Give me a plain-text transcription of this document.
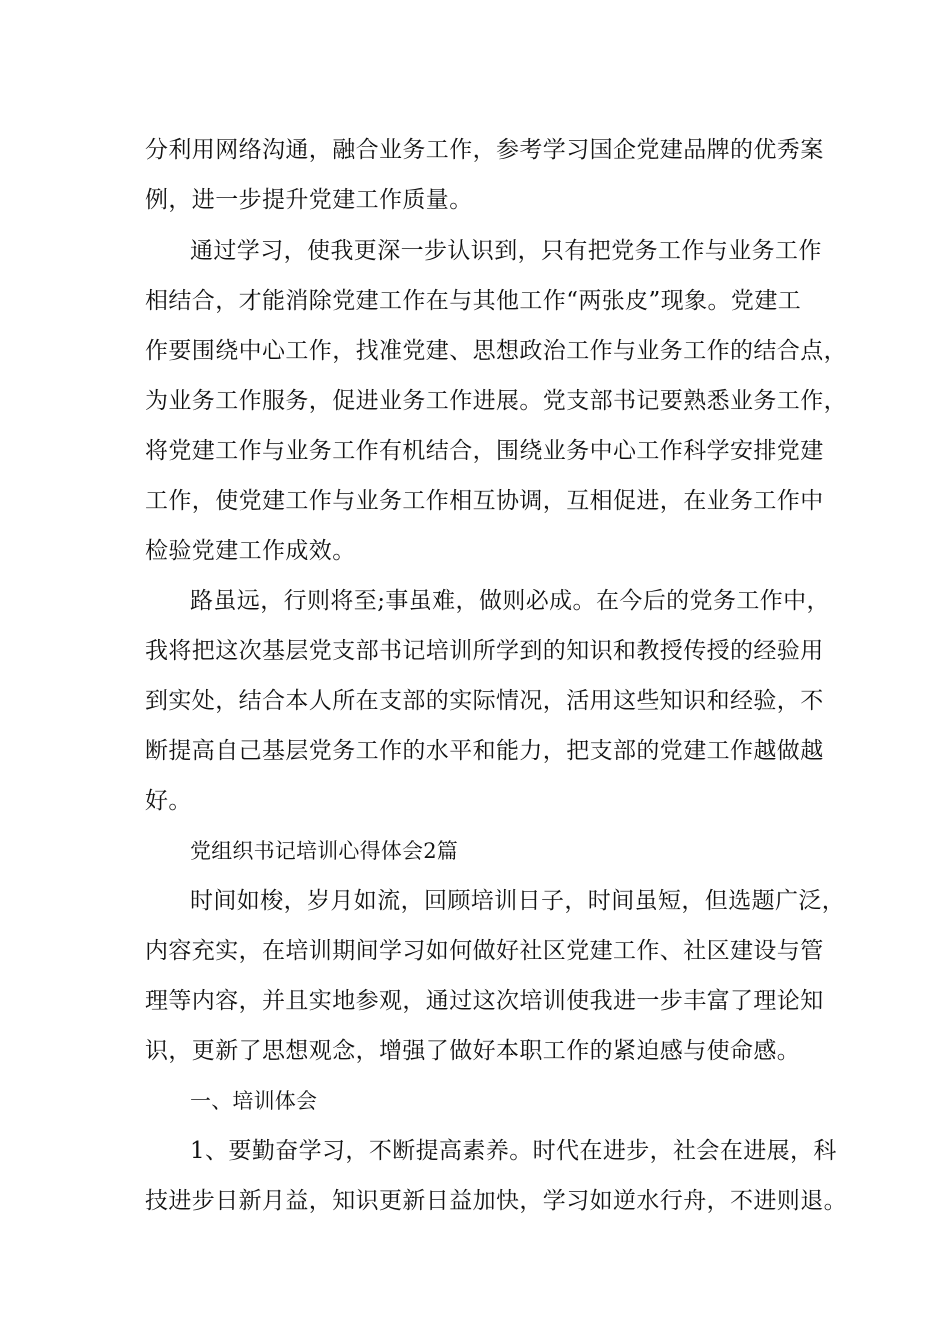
分利用网络沟通，融合业务工作，参考学习国企党建品牌的优秀案
例，进一步提升党建工作质量。
通过学习，使我更深一步认识到，只有把党务工作与业务工作
相结合，才能消除党建工作在与其他工作“两张皮”现象。党建工
作要围绕中心工作，找准党建、思想政治工作与业务工作的结合点，
为业务工作服务，促进业务工作进展。党支部书记要熟悉业务工作，
将党建工作与业务工作有机结合，围绕业务中心工作科学安排党建
工作，使党建工作与业务工作相互协调，互相促进，在业务工作中
检验党建工作成效。
路虽远，行则将至;事虽难，做则必成。在今后的党务工作中，
我将把这次基层党支部书记培训所学到的知识和教授传授的经验用
到实处，结合本人所在支部的实际情况，活用这些知识和经验，不
断提高自己基层党务工作的水平和能力，把支部的党建工作越做越
好。
党组织书记培训心得体会2篇
时间如梭，岁月如流，回顾培训日子，时间虽短，但选题广泛，
内容充实，在培训期间学习如何做好社区党建工作、社区建设与管
理等内容，并且实地参观，通过这次培训使我进一步丰富了理论知
识，更新了思想观念，增强了做好本职工作的紧迫感与使命感。
一、培训体会
1、要勤奋学习，不断提高素养。时代在进步，社会在进展，科
技进步日新月益，知识更新日益加快，学习如逆水行舟，不进则退。
